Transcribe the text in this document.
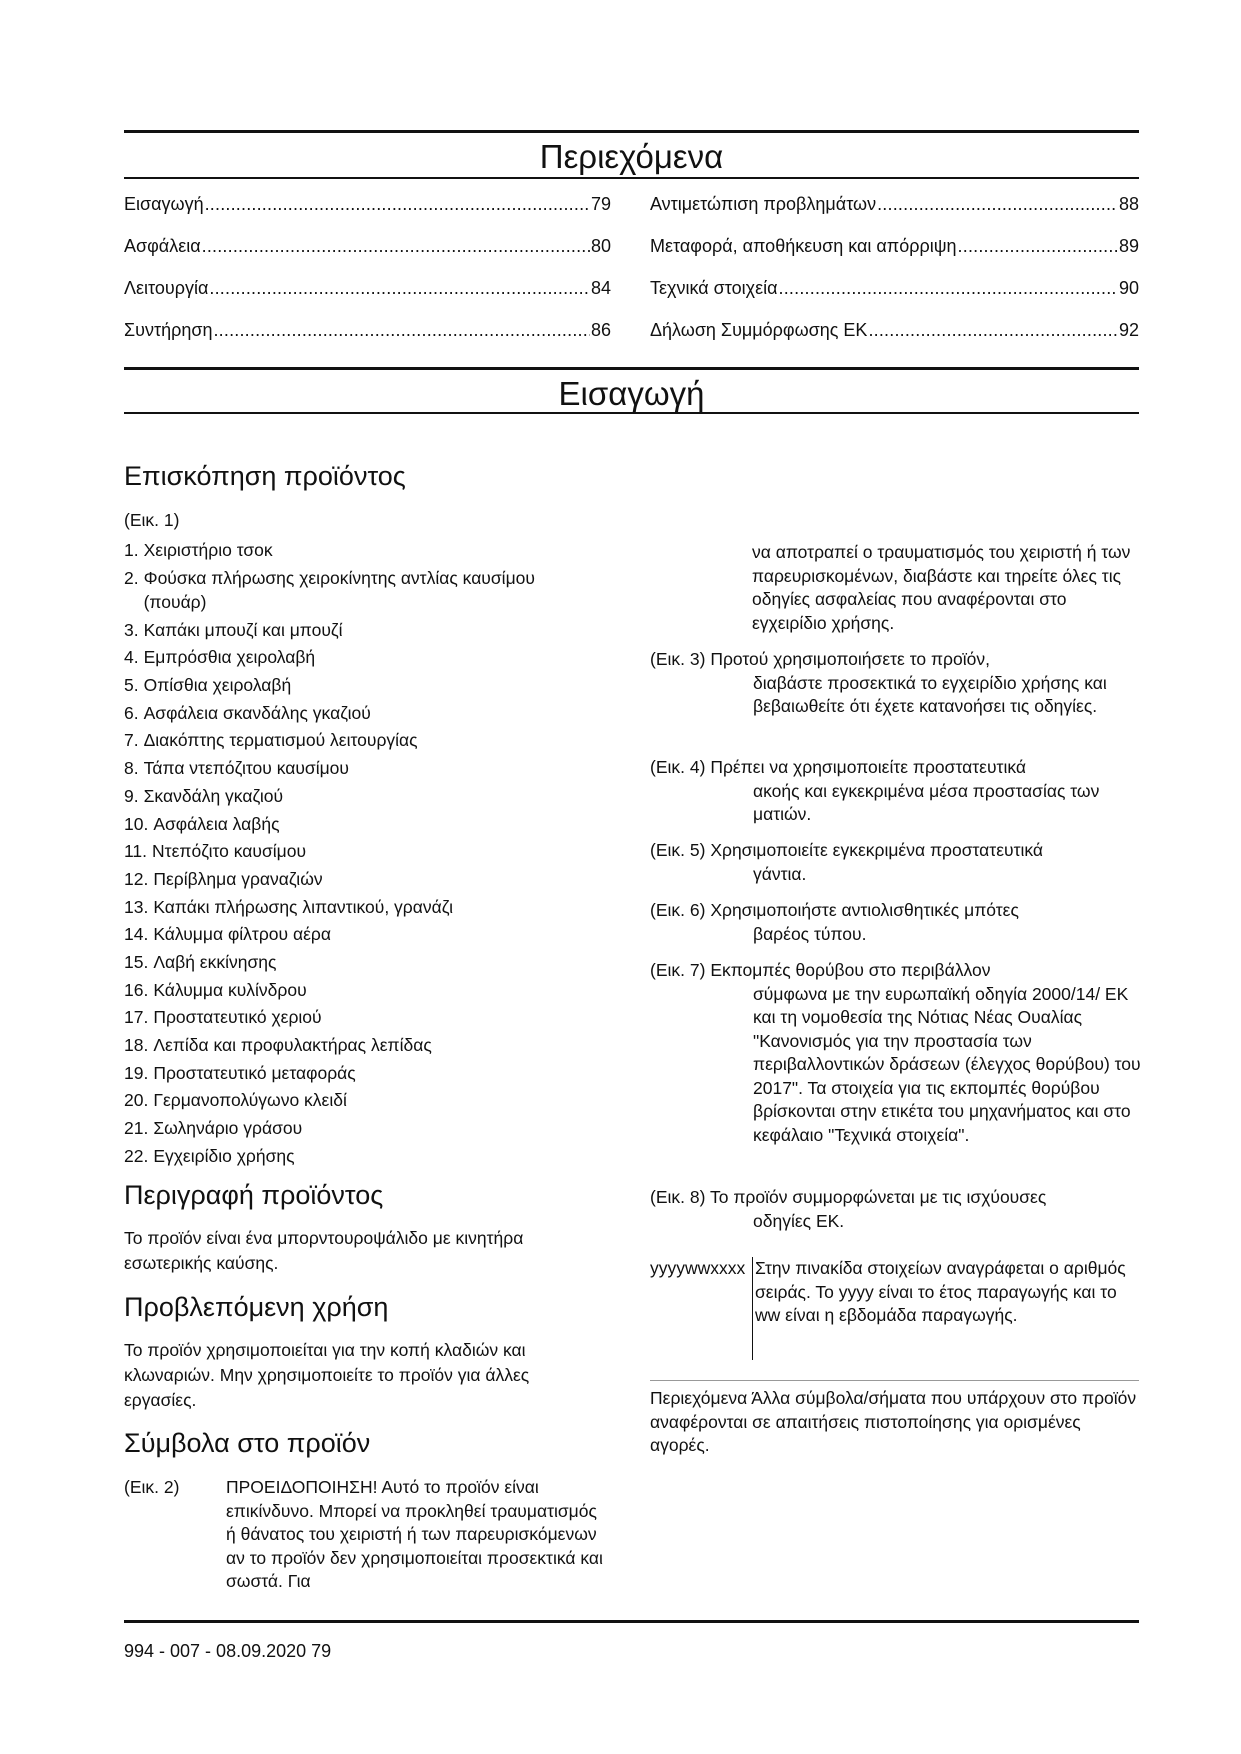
Περιεχόμενα
Εισαγωγή .....	79
Ασφάλεια .....	80
Λειτουργία .....	84
Συντήρηση .....	86
Αντιμετώπιση προβλημάτων .....	88
Μεταφορά, αποθήκευση και απόρριψη .....	89
Τεχνικά στοιχεία .....	90
Δήλωση Συμμόρφωσης ΕΚ .....	92
Εισαγωγή
Επισκόπηση προϊόντος
(Εικ. 1)
1. Χειριστήριο τσοκ
2. Φούσκα πλήρωσης χειροκίνητης αντλίας καυσίμου (πουάρ)
3. Καπάκι μπουζί και μπουζί
4. Εμπρόσθια χειρολαβή
5. Οπίσθια χειρολαβή
6. Ασφάλεια σκανδάλης γκαζιού
7. Διακόπτης τερματισμού λειτουργίας
8. Τάπα ντεπόζιτου καυσίμου
9. Σκανδάλη γκαζιού
10. Ασφάλεια λαβής
11. Ντεπόζιτο καυσίμου
12. Περίβλημα γραναζιών
13. Καπάκι πλήρωσης λιπαντικού, γρανάζι
14. Κάλυμμα φίλτρου αέρα
15. Λαβή εκκίνησης
16. Κάλυμμα κυλίνδρου
17. Προστατευτικό χεριού
18. Λεπίδα και προφυλακτήρας λεπίδας
19. Προστατευτικό μεταφοράς
20. Γερμανοπολύγωνο κλειδί
21. Σωληνάριο γράσου
22. Εγχειρίδιο χρήσης
Περιγραφή προϊόντος

Το προϊόν είναι ένα μπορντουροψάλιδο με κινητήρα εσωτερικής καύσης.

Προβλεπόμενη χρήση

Το προϊόν χρησιμοποιείται για την κοπή κλαδιών και κλωναριών. Μην χρησιμοποιείτε το προϊόν για άλλες εργασίες.

Σύμβολα στο προϊόν
(Εικ. 2)	ΠΡΟΕΙΔΟΠΟΙΗΣΗ! Αυτό το προϊόν είναι επικίνδυνο. Μπορεί να προκληθεί τραυματισμός ή θάνατος του χειριστή ή των παρευρισκόμενων αν το προϊόν δεν χρησιμοποιείται προσεκτικά και σωστά. Για

να αποτραπεί ο τραυματισμός του χειριστή ή των παρευρισκομένων, διαβάστε και τηρείτε όλες τις οδηγίες ασφαλείας που αναφέρονται στο εγχειρίδιο χρήσης.

(Εικ. 3) Προτού χρησιμοποιήσετε το προϊόν,
διαβάστε προσεκτικά το εγχειρίδιο χρήσης και βεβαιωθείτε ότι έχετε κατανοήσει τις οδηγίες.
(Εικ. 4) Πρέπει να χρησιμοποιείτε προστατευτικά
ακοής και εγκεκριμένα μέσα προστασίας των ματιών.
(Εικ. 5) Χρησιμοποιείτε εγκεκριμένα προστατευτικά
γάντια.
(Εικ. 6) Χρησιμοποιήστε αντιολισθητικές μπότες
βαρέος τύπου.
(Εικ. 7) Εκπομπές θορύβου στο περιβάλλον
σύμφωνα με την ευρωπαϊκή οδηγία 2000/14/ ΕΚ και τη νομοθεσία της Νότιας Νέας Ουαλίας "Κανονισμός για την προστασία των περιβαλλοντικών δράσεων (έλεγχος θορύβου) του 2017". Τα στοιχεία για τις εκπομπές θορύβου βρίσκονται στην ετικέτα του μηχανήματος και στο κεφάλαιο "Τεχνικά στοιχεία".
(Εικ. 8) Το προϊόν συμμορφώνεται με τις ισχύουσες
οδηγίες ΕΚ.
yyyywwxxxx Στην πινακίδα στοιχείων αναγράφεται ο αριθμός σειράς. Το yyyy είναι το έτος παραγωγής και το ww είναι η εβδομάδα παραγωγής.

Περιεχόμενα Άλλα σύμβολα/σήματα που υπάρχουν στο προϊόν αναφέρονται σε απαιτήσεις πιστοποίησης για ορισμένες αγορές.

994 - 007 - 08.09.2020 79
